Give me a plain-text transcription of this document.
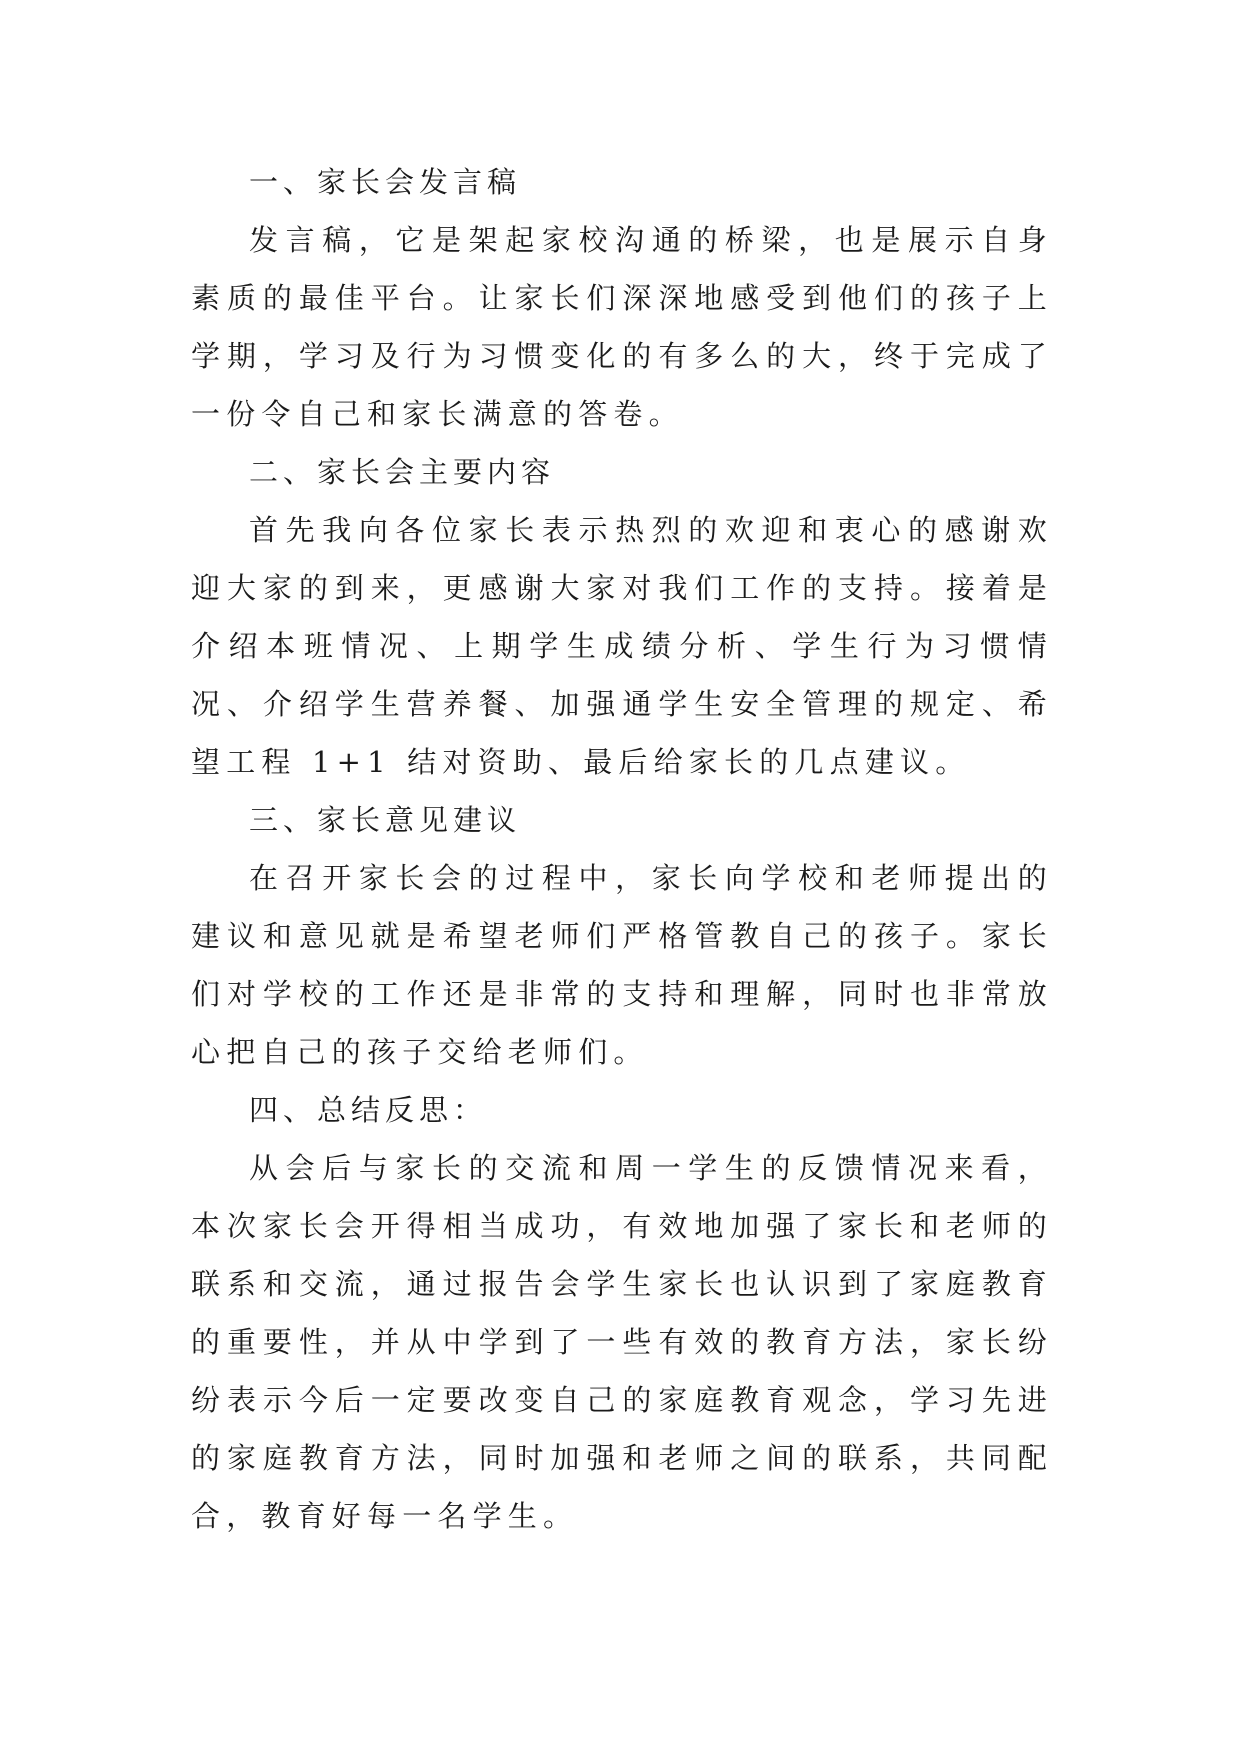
一、家长会发言稿

发言稿，它是架起家校沟通的桥梁，也是展示自身素质的最佳平台。让家长们深深地感受到他们的孩子上学期，学习及行为习惯变化的有多么的大，终于完成了一份令自己和家长满意的答卷。

二、家长会主要内容

首先我向各位家长表示热烈的欢迎和衷心的感谢欢迎大家的到来，更感谢大家对我们工作的支持。接着是介绍本班情况、上期学生成绩分析、学生行为习惯情况、介绍学生营养餐、加强通学生安全管理的规定、希望工程 1+1 结对资助、最后给家长的几点建议。

三、家长意见建议

在召开家长会的过程中，家长向学校和老师提出的建议和意见就是希望老师们严格管教自己的孩子。家长们对学校的工作还是非常的支持和理解，同时也非常放心把自己的孩子交给老师们。

四、总结反思：

从会后与家长的交流和周一学生的反馈情况来看，本次家长会开得相当成功，有效地加强了家长和老师的联系和交流，通过报告会学生家长也认识到了家庭教育的重要性，并从中学到了一些有效的教育方法，家长纷纷表示今后一定要改变自己的家庭教育观念，学习先进的家庭教育方法，同时加强和老师之间的联系，共同配合，教育好每一名学生。
